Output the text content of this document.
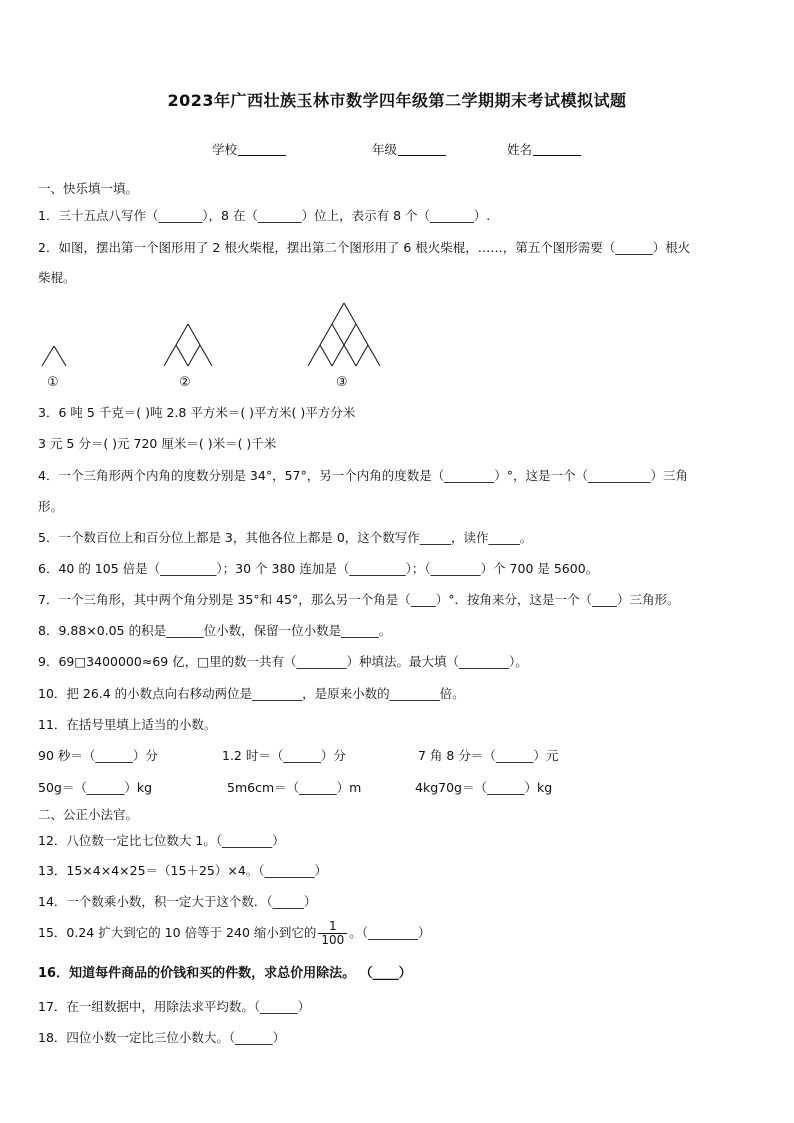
2023年广西壮族玉林市数学四年级第二学期期末考试模拟试题
学校	年级	姓名
一、快乐填一填。
1．三十五点八写作（_______），8 在（_______）位上，表示有 8 个（_______）.
2．如图，摆出第一个图形用了 2 根火柴棍，摆出第二个图形用了 6 根火柴棍，……，第五个图形需要（______）根火
柴棍。
①	②	③
3．6 吨 5 千克＝( )吨 2.8 平方米＝( )平方米( )平方分米
3 元 5 分＝( )元 720 厘米＝( )米＝( )千米
4．一个三角形两个内角的度数分别是 34°，57°，另一个内角的度数是（________）°，这是一个（__________）三角
形。
5．一个数百位上和百分位上都是 3，其他各位上都是 0，这个数写作_____，读作_____。
6．40 的 105 倍是（_________）；30 个 380 连加是（_________）；（________）个 700 是 5600。
7．一个三角形，其中两个角分别是 35°和 45°，那么另一个角是（____）°．按角来分，这是一个（____）三角形。
8．9.88×0.05 的积是______位小数，保留一位小数是______。
9．69□3400000≈69 亿，□里的数一共有（________）种填法。最大填（________）。
10．把 26.4 的小数点向右移动两位是________，是原来小数的________倍。
11．在括号里填上适当的小数。
90 秒＝（______）分	1.2 时＝（______）分	7 角 8 分＝（______）元
50g＝（______）kg	5m6cm＝（______）m	4kg70g＝（______）kg
二、公正小法官。
12．八位数一定比七位数大 1。（________）
13．15×4×4×25＝（15＋25）×4。（________）
14．一个数乘小数，积一定大于这个数．（_____）
15．0.24 扩大到它的 10 倍等于 240 缩小到它的 $\frac{1}{100}$ 。（________）
16．知道每件商品的价钱和买的件数，求总价用除法。 （____）
17．在一组数据中，用除法求平均数。（______）
18．四位小数一定比三位小数大。（______）
